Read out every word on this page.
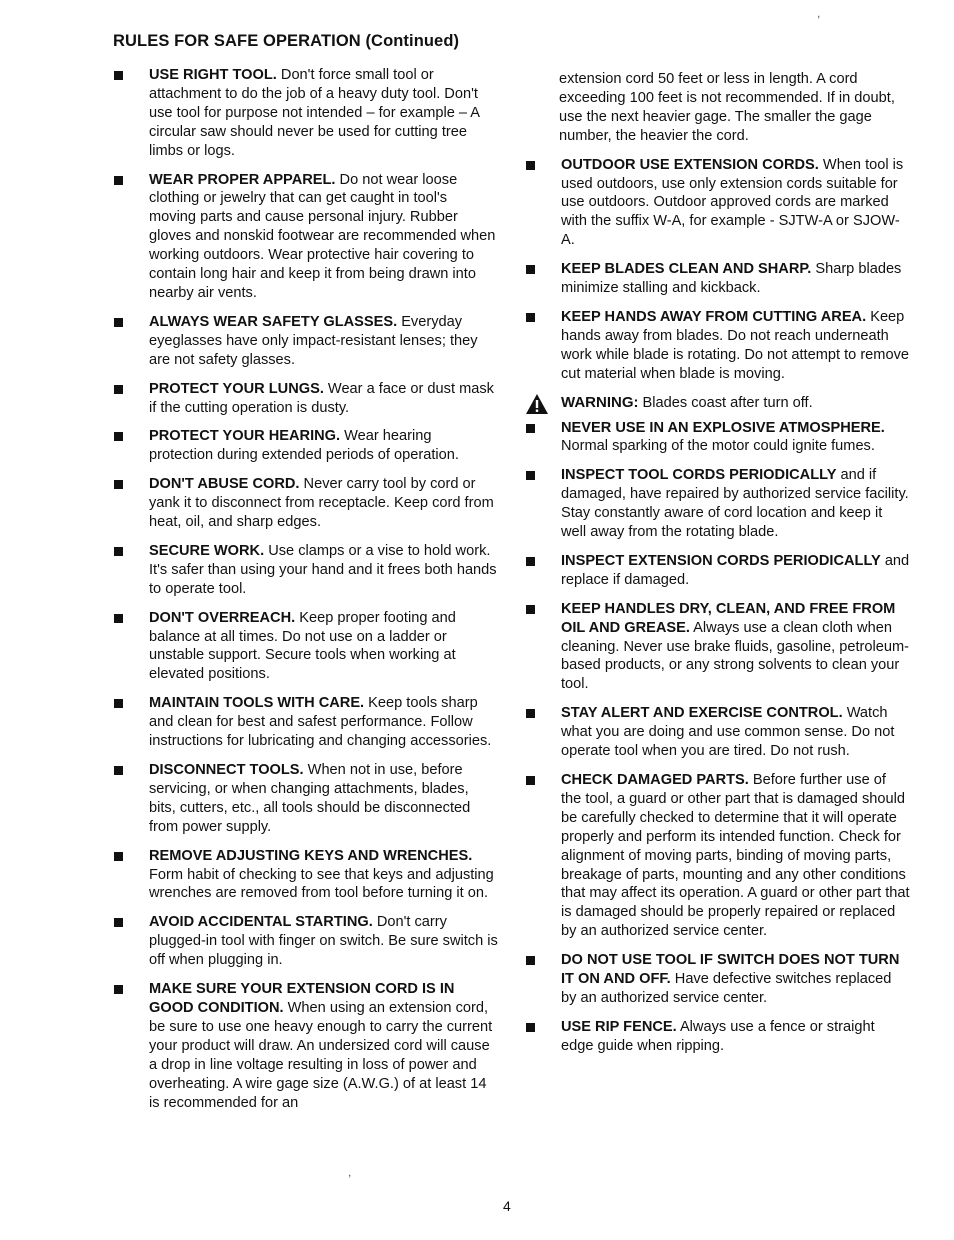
RULES FOR SAFE OPERATION (Continued)
USE RIGHT TOOL. Don't force small tool or attachment to do the job of a heavy duty tool. Don't use tool for purpose not intended – for example – A circular saw should never be used for cutting tree limbs or logs.
WEAR PROPER APPAREL. Do not wear loose clothing or jewelry that can get caught in tool's moving parts and cause personal injury. Rubber gloves and nonskid footwear are recommended when working outdoors. Wear protective hair covering to contain long hair and keep it from being drawn into nearby air vents.
ALWAYS WEAR SAFETY GLASSES. Everyday eyeglasses have only impact-resistant lenses; they are not safety glasses.
PROTECT YOUR LUNGS. Wear a face or dust mask if the cutting operation is dusty.
PROTECT YOUR HEARING. Wear hearing protection during extended periods of operation.
DON'T ABUSE CORD. Never carry tool by cord or yank it to disconnect from receptacle. Keep cord from heat, oil, and sharp edges.
SECURE WORK. Use clamps or a vise to hold work. It's safer than using your hand and it frees both hands to operate tool.
DON'T OVERREACH. Keep proper footing and balance at all times. Do not use on a ladder or unstable support. Secure tools when working at elevated positions.
MAINTAIN TOOLS WITH CARE. Keep tools sharp and clean for best and safest performance. Follow instructions for lubricating and changing accessories.
DISCONNECT TOOLS. When not in use, before servicing, or when changing attachments, blades, bits, cutters, etc., all tools should be disconnected from power supply.
REMOVE ADJUSTING KEYS AND WRENCHES. Form habit of checking to see that keys and adjusting wrenches are removed from tool before turning it on.
AVOID ACCIDENTAL STARTING. Don't carry plugged-in tool with finger on switch. Be sure switch is off when plugging in.
MAKE SURE YOUR EXTENSION CORD IS IN GOOD CONDITION. When using an extension cord, be sure to use one heavy enough to carry the current your product will draw. An undersized cord will cause a drop in line voltage resulting in loss of power and overheating. A wire gage size (A.W.G.) of at least 14 is recommended for an
extension cord 50 feet or less in length. A cord exceeding 100 feet is not recommended. If in doubt, use the next heavier gage. The smaller the gage number, the heavier the cord.
OUTDOOR USE EXTENSION CORDS. When tool is used outdoors, use only extension cords suitable for use outdoors. Outdoor approved cords are marked with the suffix W-A, for example - SJTW-A or SJOW-A.
KEEP BLADES CLEAN AND SHARP. Sharp blades minimize stalling and kickback.
KEEP HANDS AWAY FROM CUTTING AREA. Keep hands away from blades. Do not reach underneath work while blade is rotating. Do not attempt to remove cut material when blade is moving.
WARNING: Blades coast after turn off.
NEVER USE IN AN EXPLOSIVE ATMOSPHERE. Normal sparking of the motor could ignite fumes.
INSPECT TOOL CORDS PERIODICALLY and if damaged, have repaired by authorized service facility. Stay constantly aware of cord location and keep it well away from the rotating blade.
INSPECT EXTENSION CORDS PERIODICALLY and replace if damaged.
KEEP HANDLES DRY, CLEAN, AND FREE FROM OIL AND GREASE. Always use a clean cloth when cleaning. Never use brake fluids, gasoline, petroleum-based products, or any strong solvents to clean your tool.
STAY ALERT AND EXERCISE CONTROL. Watch what you are doing and use common sense. Do not operate tool when you are tired. Do not rush.
CHECK DAMAGED PARTS. Before further use of the tool, a guard or other part that is damaged should be carefully checked to determine that it will operate properly and perform its intended function. Check for alignment of moving parts, binding of moving parts, breakage of parts, mounting and any other conditions that may affect its operation. A guard or other part that is damaged should be properly repaired or replaced by an authorized service center.
DO NOT USE TOOL IF SWITCH DOES NOT TURN IT ON AND OFF. Have defective switches replaced by an authorized service center.
USE RIP FENCE. Always use a fence or straight edge guide when ripping.
4
,
,
